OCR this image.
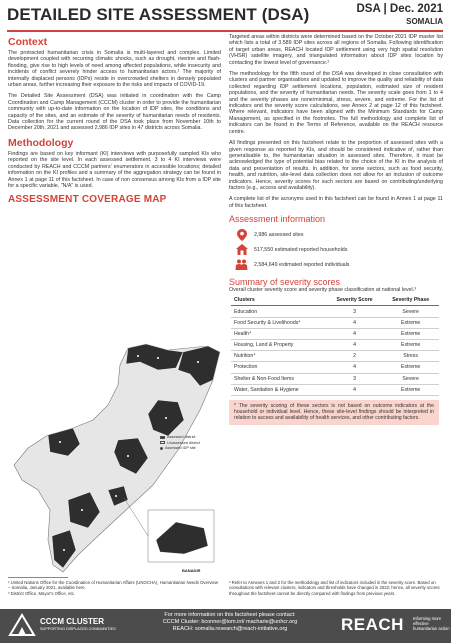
DETAILED SITE ASSESSMENT (DSA)	DSA | Dec. 2021
SOMALIA
Context

The protracted humanitarian crisis in Somalia is multi-layered and complex. Limited development coupled with recurring climatic shocks, such as drought, riverine and flash-flooding, give rise to high levels of need among affected populations, while insecurity and incidents of conflict severely hinder access to humanitarian actors.¹ The majority of internally displaced persons (IDPs) reside in overcrowded shelters in densely populated urban areas, further increasing their exposure to the risks and impacts of COVID-19.

The Detailed Site Assessment (DSA) was initiated in coordination with the Camp Coordination and Camp Management (CCCM) cluster in order to provide the humanitarian community with up-to-date information on the location of IDP sites, the conditions and capacity of the sites, and an estimate of the severity of humanitarian needs of residents. Data collection for the current round of the DSA took place from November 10th to December 20th, 2021 and assessed 2,986 IDP sites in 47 districts across Somalia.

Methodology

Findings are based on key informant (KI) interviews with purposefully sampled KIs who reported on the site level. In each assessed settlement, 3 to 4 KI interviews were conducted by REACH and CCCM partners' enumerators in accessible locations; detailed information on the KI profiles and a summary of the aggregation strategy can be found in Annex 1 at page 11 of this factsheet. In case of non consensus among KIs from a IDP site for a specific variable, "N/A" is used.

ASSESSMENT COVERAGE MAP
Assessed district
Unassessed district
Assessed IDP site
BANADIR

Targeted areas within districts were determined based on the October 2021 IDP master list which lists a total of 3,589 IDP sites across all regions of Somalia. Following identification of target urban areas, REACH located IDP settlement using very high spatial resolution (VHSR) satellite imagery, and triangulated information about IDP sites location by contacting the lowest level of governance.²

The methodology for the fifth round of the DSA was developed in close consultation with clusters and partner organisations and updated to improve the quality and reliability of data collected regarding IDP settlement locations, population, estimated size of resident populations, and the severity of humanitarian needs. The severity scale goes from 1 to 4 and the severity phases are none/minimal, stress, severe, and extreme. For the list of indicators and the severity score calculations, see Annex 2 at page 12 of this factsheet. Where relevant, indicators have been aligned with the Minimum Standards for Camp Management, as specified in the footnotes. The full methodology and complete list of indicators can be found in the Terms of Reference, available on the REACH resource centre.

All findings presented on this factsheet relate to the proportion of assessed sites with a given response as reported by KIs, and should be considered indicative of, rather than generalisable to, the humanitarian situation in assessed sites. Therefore, it must be acknowledged the type of potential bias related to the choice of the KI in the analysis of data and presentation of results. In addition, for some sectors, such as food security, health, and nutrition, site-level data collection does not allow for an inclusion of outcome indicators. Hence, severity scores for such sectors are based on contributing/underlying factors (e.g., access and availability).

A complete list of the acronyms used in this factsheet can be found in Annex 1 at page 11 of this factsheet.

Assessment information
2,986 assessed sites
517,550 estimated reported households
2,584,649 estimated reported individuals
Summary of severity scores
Overall cluster severity score and severity phase classification at national level.³
Clusters	Severity Score	Severity Phase
Education	3	Severe
Food Security & Livelihoods⁴	4	Extreme
Health⁴	4	Extreme
Housing, Land & Property	4	Extreme
Nutrition⁴	2	Stress
Protection	4	Extreme
Shelter & Non-Food Items	3	Severe
Water, Sanitation & Hygiene	4	Extreme
* The severity scoring of these sectors is not based on outcome indicators at the household or individual level. Hence, these site-level findings should be interpreted in relation to access and availability of health services, and other contributing factors.
¹ United Nations Office for the Coordination of Humanitarian Affairs (UNOCHA), Humanitarian Needs Overview – Somalia, January 2021, available here.
² District Office, Mayor's Office, etc.
³ Refer to Annexes 1 and 2 for the methodology and list of indicators included in the severity score. Based on consultations with relevant clusters, indicators and thresholds have changed in 2022; hence, all severity scores throughout the factsheet cannot be directly compared with findings from previous years.
CCCM CLUSTER
SUPPORTING DISPLACED COMMUNITIES
For more information on this factsheet please contact:
CCCM Cluster: bconner@iom.int/ macharie@unhcr.org
REACH: somalia.research@reach-initiative.org	REACH Informing more effective humanitarian action
